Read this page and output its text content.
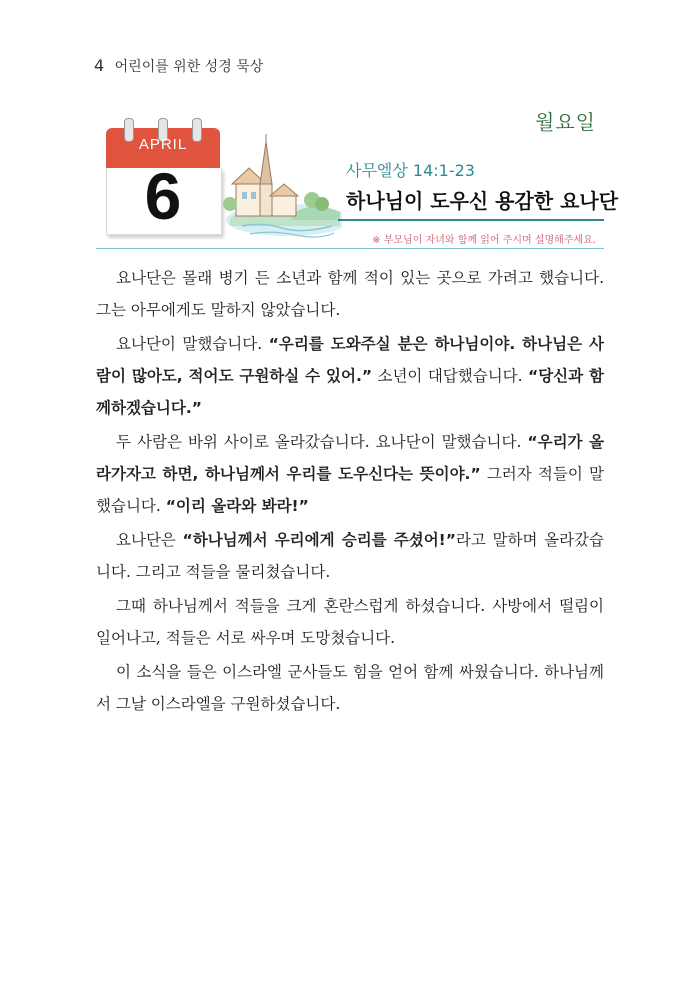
4 어린이를 위한 성경 묵상
월요일
APRIL
6	사무엘상 14:1-23
하나님이 도우신 용감한 요나단
※ 부모님이 자녀와 함께 읽어 주시며 설명해주세요.

요나단은 몰래 병기 든 소년과 함께 적이 있는 곳으로 가려고 했습니다. 그는 아무에게도 말하지 않았습니다.

요나단이 말했습니다. “우리를 도와주실 분은 하나님이야. 하나님은 사람이 많아도, 적어도 구원하실 수 있어.” 소년이 대답했습니다. “당신과 함께하겠습니다.”

두 사람은 바위 사이로 올라갔습니다. 요나단이 말했습니다. “우리가 올라가자고 하면, 하나님께서 우리를 도우신다는 뜻이야.” 그러자 적들이 말했습니다. “이리 올라와 봐라!”

요나단은 “하나님께서 우리에게 승리를 주셨어!”라고 말하며 올라갔습니다. 그리고 적들을 물리쳤습니다.

그때 하나님께서 적들을 크게 혼란스럽게 하셨습니다. 사방에서 떨림이 일어나고, 적들은 서로 싸우며 도망쳤습니다.

이 소식을 들은 이스라엘 군사들도 힘을 얻어 함께 싸웠습니다. 하나님께서 그날 이스라엘을 구원하셨습니다.
